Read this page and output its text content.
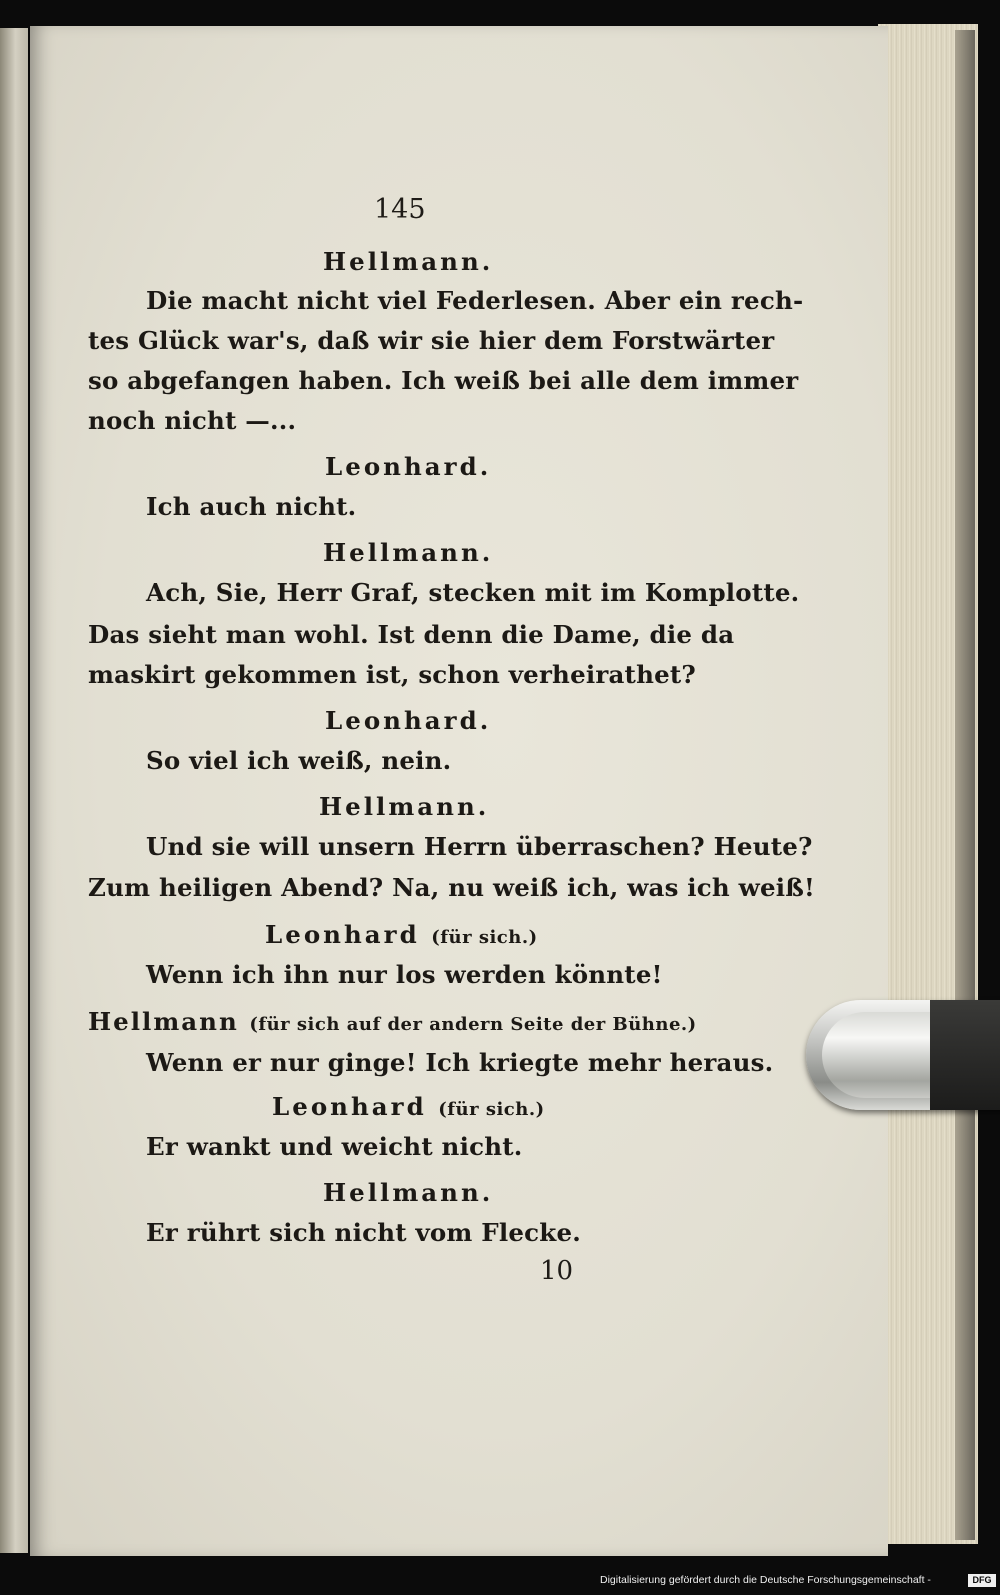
145
Hellmann.
Die macht nicht viel Federlesen. Aber ein rech-
tes Glück war's, daß wir sie hier dem Forstwärter
so abgefangen haben. Ich weiß bei alle dem immer
noch nicht —...
Leonhard.
Ich auch nicht.
Hellmann.
Ach, Sie, Herr Graf, stecken mit im Komplotte.
Das sieht man wohl. Ist denn die Dame, die da
maskirt gekommen ist, schon verheirathet?
Leonhard.
So viel ich weiß, nein.
Hellmann.
Und sie will unsern Herrn überraschen? Heute?
Zum heiligen Abend? Na, nu weiß ich, was ich weiß!
Leonhard (für sich.)
Wenn ich ihn nur los werden könnte!
Hellmann (für sich auf der andern Seite der Bühne.)
Wenn er nur ginge! Ich kriegte mehr heraus.
Leonhard (für sich.)
Er wankt und weicht nicht.
Hellmann.
Er rührt sich nicht vom Flecke.
10
Digitalisierung gefördert durch die Deutsche Forschungsgemeinschaft -	DFG
